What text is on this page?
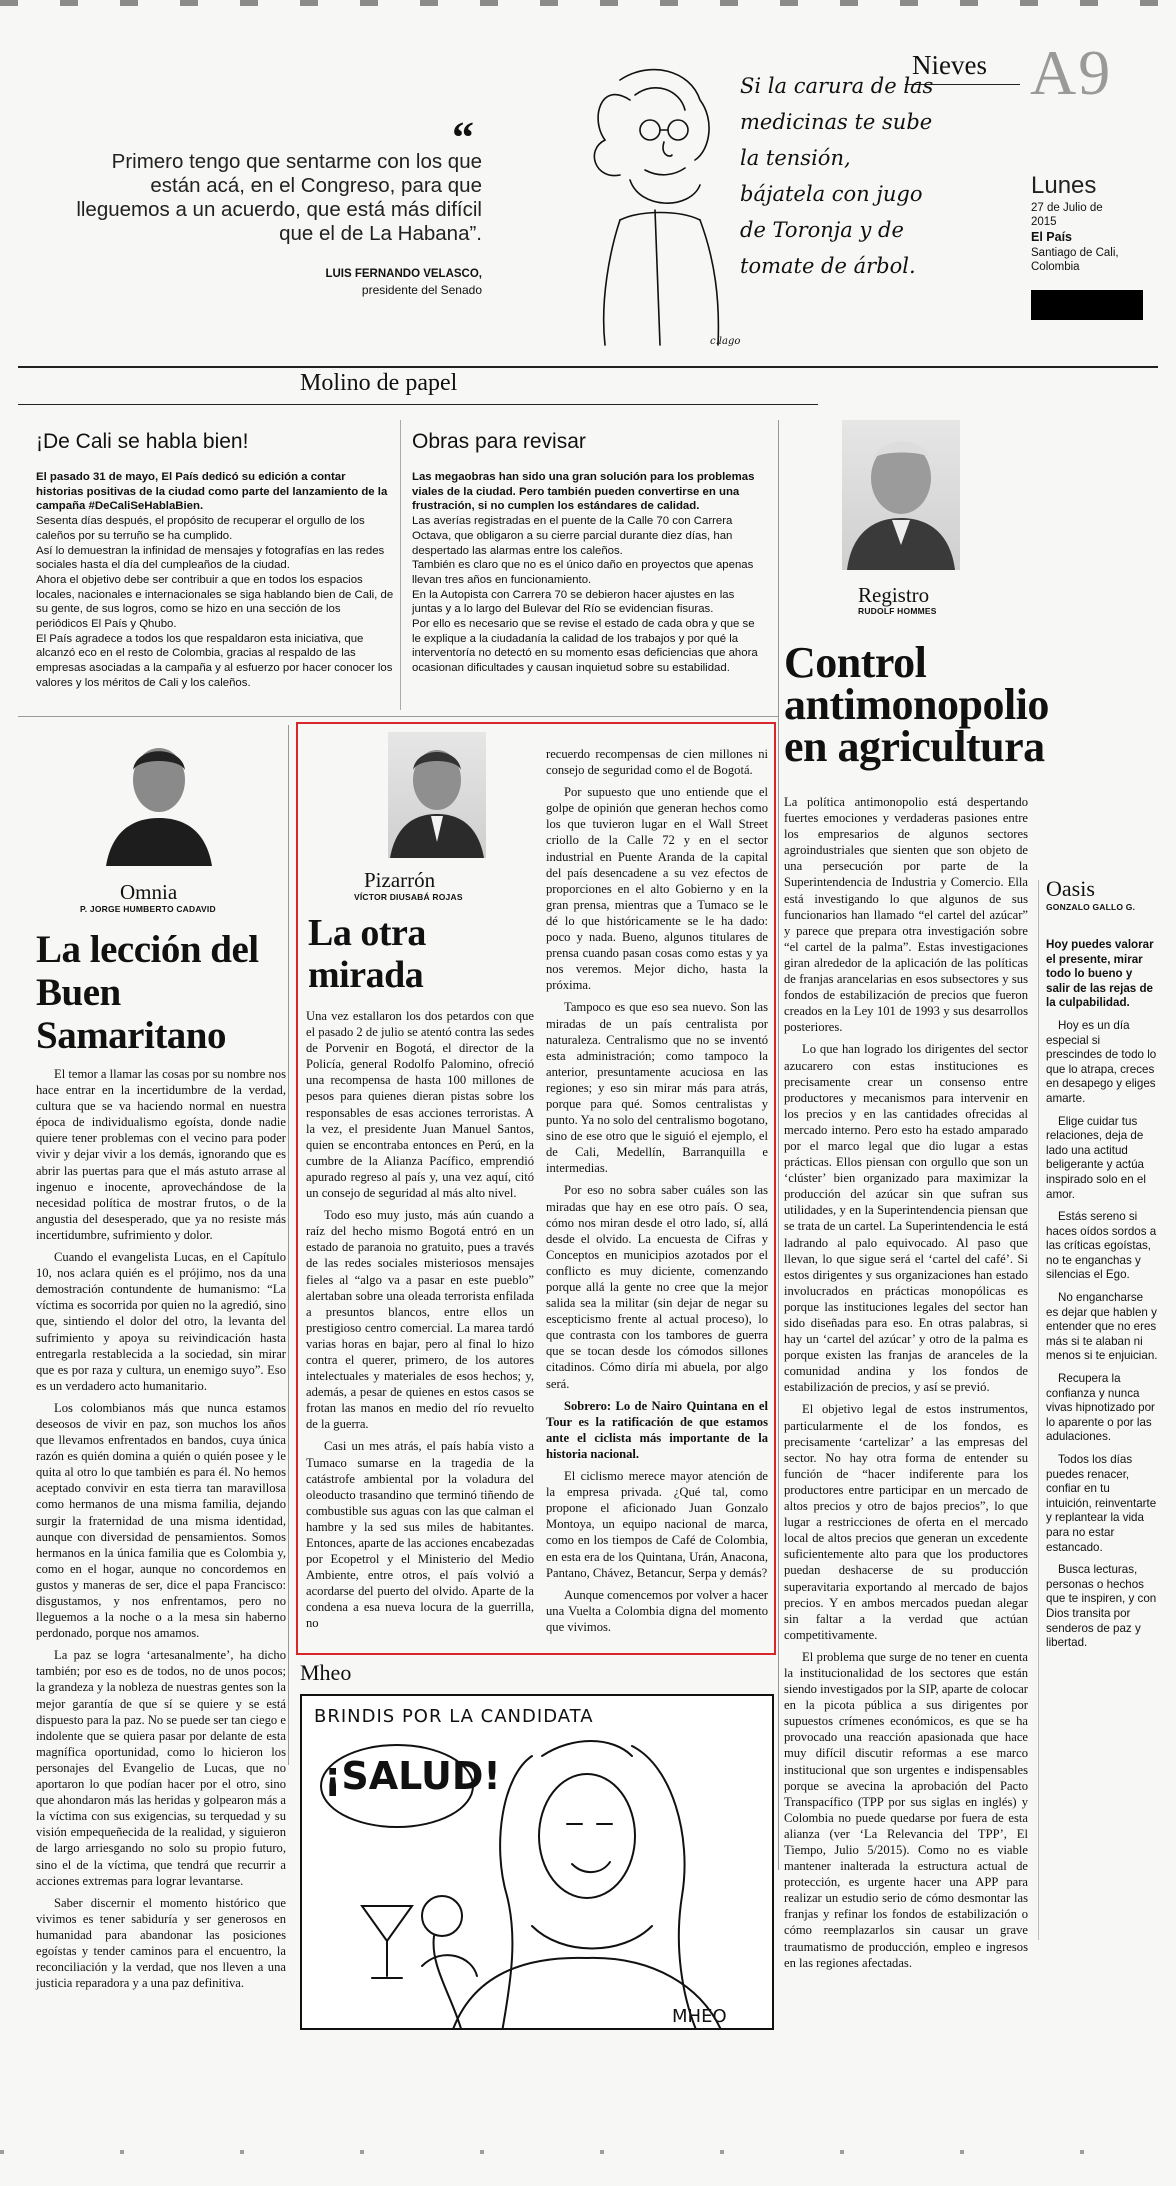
Nieves A9
Lunes
27 de Julio de 2015
El País
Santiago de Cali, Colombia
“
Primero tengo que sentarme con los que están acá, en el Congreso, para que lleguemos a un acuerdo, que está más difícil que el de La Habana”.
LUIS FERNANDO VELASCO,
presidente del Senado
c.lago
Si la carura de las
medicinas te sube
la tensión,
bájatela con jugo
de Toronja y de
tomate de árbol.
Molino de papel
¡De Cali se habla bien!

El pasado 31 de mayo, El País dedicó su edición a contar historias positivas de la ciudad como parte del lanzamiento de la campaña #DeCaliSeHablaBien.

Sesenta días después, el propósito de recuperar el orgullo de los caleños por su terruño se ha cumplido.
Así lo demuestran la infinidad de mensajes y fotografías en las redes sociales hasta el día del cumpleaños de la ciudad.
Ahora el objetivo debe ser contribuir a que en todos los espacios locales, nacionales e internacionales se siga hablando bien de Cali, de su gente, de sus logros, como se hizo en una sección de los periódicos El País y Qhubo.
El País agradece a todos los que respaldaron esta iniciativa, que alcanzó eco en el resto de Colombia, gracias al respaldo de las empresas asociadas a la campaña y al esfuerzo por hacer conocer los valores y los méritos de Cali y los caleños.

Obras para revisar

Las megaobras han sido una gran solución para los problemas viales de la ciudad. Pero también pueden convertirse en una frustración, si no cumplen los estándares de calidad.

Las averías registradas en el puente de la Calle 70 con Carrera Octava, que obligaron a su cierre parcial durante diez días, han despertado las alarmas entre los caleños.
También es claro que no es el único daño en proyectos que apenas llevan tres años en funcionamiento.
En la Autopista con Carrera 70 se debieron hacer ajustes en las juntas y a lo largo del Bulevar del Río se evidencian fisuras.
Por ello es necesario que se revise el estado de cada obra y que se le explique a la ciudadanía la calidad de los trabajos y por qué la interventoría no detectó en su momento esas deficiencias que ahora ocasionan dificultades y causan inquietud sobre su estabilidad.

Registro
RUDOLF HOMMES
Control antimonopolio en agricultura
Omnia
P. JORGE HUMBERTO CADAVID
La lección del Buen Samaritano

El temor a llamar las cosas por su nombre nos hace entrar en la incertidumbre de la verdad, cultura que se va haciendo normal en nuestra época de individualismo egoísta, donde nadie quiere tener problemas con el vecino para poder vivir y dejar vivir a los demás, ignorando que es abrir las puertas para que el más astuto arrase al ingenuo e inocente, aprovechándose de la necesidad política de mostrar frutos, o de la angustia del desesperado, que ya no resiste más incertidumbre, sufrimiento y dolor.

Cuando el evangelista Lucas, en el Capítulo 10, nos aclara quién es el prójimo, nos da una demostración contundente de humanismo: “La víctima es socorrida por quien no la agredió, sino que, sintiendo el dolor del otro, la levanta del sufrimiento y apoya su reivindicación hasta entregarla restablecida a la sociedad, sin mirar que es por raza y cultura, un enemigo suyo”. Eso es un verdadero acto humanitario.

Los colombianos más que nunca estamos deseosos de vivir en paz, son muchos los años que llevamos enfrentados en bandos, cuya única razón es quién domina a quién o quién posee y le quita al otro lo que también es para él. No hemos aceptado convivir en esta tierra tan maravillosa como hermanos de una misma familia, dejando surgir la fraternidad de una misma identidad, aunque con diversidad de pensamientos. Somos hermanos en la única familia que es Colombia y, como en el hogar, aunque no concordemos en gustos y maneras de ser, dice el papa Francisco: disgustamos, y nos enfrentamos, pero no lleguemos a la noche o a la mesa sin haberno perdonado, porque nos amamos.

La paz se logra ‘artesanalmente’, ha dicho también; por eso es de todos, no de unos pocos; la grandeza y la nobleza de nuestras gentes son la mejor garantía de que sí se quiere y se está dispuesto para la paz. No se puede ser tan ciego e indolente que se quiera pasar por delante de esta magnífica oportunidad, como lo hicieron los personajes del Evangelio de Lucas, que no aportaron lo que podían hacer por el otro, sino que ahondaron más las heridas y golpearon más a la víctima con sus exigencias, su terquedad y su visión empequeñecida de la realidad, y siguieron de largo arriesgando no solo su propio futuro, sino el de la víctima, que tendrá que recurrir a acciones extremas para lograr levantarse.

Saber discernir el momento histórico que vivimos es tener sabiduría y ser generosos en humanidad para abandonar las posiciones egoístas y tender caminos para el encuentro, la reconciliación y la verdad, que nos lleven a una justicia reparadora y a una paz definitiva.

Pizarrón
VÍCTOR DIUSABÁ ROJAS
La otra mirada

Una vez estallaron los dos petardos con que el pasado 2 de julio se atentó contra las sedes de Porvenir en Bogotá, el director de la Policía, general Rodolfo Palomino, ofreció una recompensa de hasta 100 millones de pesos para quienes dieran pistas sobre los responsables de esas acciones terroristas. A la vez, el presidente Juan Manuel Santos, quien se encontraba entonces en Perú, en la cumbre de la Alianza Pacífico, emprendió apurado regreso al país y, una vez aquí, citó un consejo de seguridad al más alto nivel.

Todo eso muy justo, más aún cuando a raíz del hecho mismo Bogotá entró en un estado de paranoia no gratuito, pues a través de las redes sociales misteriosos mensajes fieles al “algo va a pasar en este pueblo” alertaban sobre una oleada terrorista enfilada a presuntos blancos, entre ellos un prestigioso centro comercial. La marea tardó varias horas en bajar, pero al final lo hizo contra el querer, primero, de los autores intelectuales y materiales de esos hechos; y, además, a pesar de quienes en estos casos se frotan las manos en medio del río revuelto de la guerra.

Casi un mes atrás, el país había visto a Tumaco sumarse en la tragedia de la catástrofe ambiental por la voladura del oleoducto trasandino que terminó tiñendo de combustible sus aguas con las que calman el hambre y la sed sus miles de habitantes. Entonces, aparte de las acciones encabezadas por Ecopetrol y el Ministerio del Medio Ambiente, entre otros, el país volvió a acordarse del puerto del olvido. Aparte de la condena a esa nueva locura de la guerrilla, no

recuerdo recompensas de cien millones ni consejo de seguridad como el de Bogotá.

Por supuesto que uno entiende que el golpe de opinión que generan hechos como los que tuvieron lugar en el Wall Street criollo de la Calle 72 y en el sector industrial en Puente Aranda de la capital del país desencadene a su vez efectos de proporciones en el alto Gobierno y en la gran prensa, mientras que a Tumaco se le dé lo que históricamente se le ha dado: poco y nada. Bueno, algunos titulares de prensa cuando pasan cosas como estas y ya nos veremos. Mejor dicho, hasta la próxima.

Tampoco es que eso sea nuevo. Son las miradas de un país centralista por naturaleza. Centralismo que no se inventó esta administración; como tampoco la anterior, presuntamente acuciosa en las regiones; y eso sin mirar más para atrás, porque para qué. Somos centralistas y punto. Ya no solo del centralismo bogotano, sino de ese otro que le siguió el ejemplo, el de Cali, Medellín, Barranquilla e intermedias.

Por eso no sobra saber cuáles son las miradas que hay en ese otro país. O sea, cómo nos miran desde el otro lado, sí, allá desde el olvido. La encuesta de Cifras y Conceptos en municipios azotados por el conflicto es muy diciente, comenzando porque allá la gente no cree que la mejor salida sea la militar (sin dejar de negar su escepticismo frente al actual proceso), lo que contrasta con los tambores de guerra que se tocan desde los cómodos sillones citadinos. Cómo diría mi abuela, por algo será.

Sobrero: Lo de Nairo Quintana en el Tour es la ratificación de que estamos ante el ciclista más importante de la historia nacional.

El ciclismo merece mayor atención de la empresa privada. ¿Qué tal, como propone el aficionado Juan Gonzalo Montoya, un equipo nacional de marca, como en los tiempos de Café de Colombia, en esta era de los Quintana, Urán, Anacona, Pantano, Chávez, Betancur, Serpa y demás?

Aunque comencemos por volver a hacer una Vuelta a Colombia digna del momento que vivimos.

Mheo
BRINDIS POR LA CANDIDATA
¡SALUD!
MHEO

La política antimonopolio está despertando fuertes emociones y verdaderas pasiones entre los empresarios de algunos sectores agroindustriales que sienten que son objeto de una persecución por parte de la Superintendencia de Industria y Comercio. Ella está investigando lo que algunos de sus funcionarios han llamado “el cartel del azúcar” y parece que prepara otra investigación sobre “el cartel de la palma”. Estas investigaciones giran alrededor de la aplicación de las políticas de franjas arancelarias en esos subsectores y sus fondos de estabilización de precios que fueron creados en la Ley 101 de 1993 y sus desarrollos posteriores.

Lo que han logrado los dirigentes del sector azucarero con estas instituciones es precisamente crear un consenso entre productores y mecanismos para intervenir en los precios y en las cantidades ofrecidas al mercado interno. Pero esto ha estado amparado por el marco legal que dio lugar a estas prácticas. Ellos piensan con orgullo que son un ‘clúster’ bien organizado para maximizar la producción del azúcar sin que sufran sus utilidades, y en la Superintendencia piensan que se trata de un cartel. La Superintendencia le está ladrando al palo equivocado. Al paso que llevan, lo que sigue será el ‘cartel del café’. Si estos dirigentes y sus organizaciones han estado involucrados en prácticas monopólicas es porque las instituciones legales del sector han sido diseñadas para eso. En otras palabras, si hay un ‘cartel del azúcar’ y otro de la palma es porque existen las franjas de aranceles de la comunidad andina y los fondos de estabilización de precios, y así se previó.

El objetivo legal de estos instrumentos, particularmente el de los fondos, es precisamente ‘cartelizar’ a las empresas del sector. No hay otra forma de entender su función de “hacer indiferente para los productores entre participar en un mercado de altos precios y otro de bajos precios”, lo que lugar a restricciones de oferta en el mercado local de altos precios que generan un excedente suficientemente alto para que los productores puedan deshacerse de su producción superavitaria exportando al mercado de bajos precios. Y en ambos mercados puedan alegar sin faltar a la verdad que actúan competitivamente.

El problema que surge de no tener en cuenta la institucionalidad de los sectores que están siendo investigados por la SIP, aparte de colocar en la picota pública a sus dirigentes por supuestos crímenes económicos, es que se ha provocado una reacción apasionada que hace muy difícil discutir reformas a ese marco institucional que son urgentes e indispensables porque se avecina la aprobación del Pacto Transpacífico (TPP por sus siglas en inglés) y Colombia no puede quedarse por fuera de esta alianza (ver ‘La Relevancia del TPP’, El Tiempo, Julio 5/2015). Como no es viable mantener inalterada la estructura actual de protección, es urgente hacer una APP para realizar un estudio serio de cómo desmontar las franjas y refinar los fondos de estabilización o cómo reemplazarlos sin causar un grave traumatismo de producción, empleo e ingresos en las regiones afectadas.

Oasis
GONZALO GALLO G.

Hoy puedes valorar el presente, mirar todo lo bueno y salir de las rejas de la culpabilidad.

Hoy es un día especial si prescindes de todo lo que lo atrapa, creces en desapego y eliges amarte.

Elige cuidar tus relaciones, deja de lado una actitud beligerante y actúa inspirado solo en el amor.

Estás sereno si haces oídos sordos a las críticas egoístas, no te enganchas y silencias el Ego.

No engancharse es dejar que hablen y entender que no eres más si te alaban ni menos si te enjuician.

Recupera la confianza y nunca vivas hipnotizado por lo aparente o por las adulaciones.

Todos los días puedes renacer, confiar en tu intuición, reinventarte y replantear la vida para no estar estancado.

Busca lecturas, personas o hechos que te inspiren, y con Dios transita por senderos de paz y libertad.
